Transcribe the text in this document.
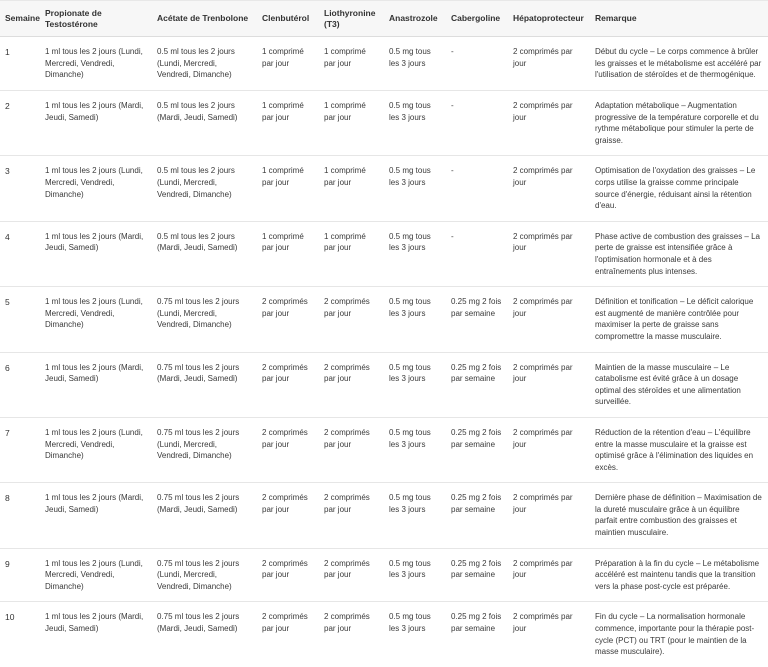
Semaine	Propionate de Testostérone	Acétate de Trenbolone	Clenbutérol	Liothyronine (T3)	Anastrozole	Cabergoline	Hépatoprotecteur	Remarque
1	1 ml tous les 2 jours (Lundi, Mercredi, Vendredi, Dimanche)	0.5 ml tous les 2 jours (Lundi, Mercredi, Vendredi, Dimanche)	1 comprimé par jour	1 comprimé par jour	0.5 mg tous les 3 jours	-	2 comprimés par jour	Début du cycle – Le corps commence à brûler les graisses et le métabolisme est accéléré par l'utilisation de stéroïdes et de thermogénique.
2	1 ml tous les 2 jours (Mardi, Jeudi, Samedi)	0.5 ml tous les 2 jours (Mardi, Jeudi, Samedi)	1 comprimé par jour	1 comprimé par jour	0.5 mg tous les 3 jours	-	2 comprimés par jour	Adaptation métabolique – Augmentation progressive de la température corporelle et du rythme métabolique pour stimuler la perte de graisse.
3	1 ml tous les 2 jours (Lundi, Mercredi, Vendredi, Dimanche)	0.5 ml tous les 2 jours (Lundi, Mercredi, Vendredi, Dimanche)	1 comprimé par jour	1 comprimé par jour	0.5 mg tous les 3 jours	-	2 comprimés par jour	Optimisation de l'oxydation des graisses – Le corps utilise la graisse comme principale source d'énergie, réduisant ainsi la rétention d'eau.
4	1 ml tous les 2 jours (Mardi, Jeudi, Samedi)	0.5 ml tous les 2 jours (Mardi, Jeudi, Samedi)	1 comprimé par jour	1 comprimé par jour	0.5 mg tous les 3 jours	-	2 comprimés par jour	Phase active de combustion des graisses – La perte de graisse est intensifiée grâce à l'optimisation hormonale et à des entraînements plus intenses.
5	1 ml tous les 2 jours (Lundi, Mercredi, Vendredi, Dimanche)	0.75 ml tous les 2 jours (Lundi, Mercredi, Vendredi, Dimanche)	2 comprimés par jour	2 comprimés par jour	0.5 mg tous les 3 jours	0.25 mg 2 fois par semaine	2 comprimés par jour	Définition et tonification – Le déficit calorique est augmenté de manière contrôlée pour maximiser la perte de graisse sans compromettre la masse musculaire.
6	1 ml tous les 2 jours (Mardi, Jeudi, Samedi)	0.75 ml tous les 2 jours (Mardi, Jeudi, Samedi)	2 comprimés par jour	2 comprimés par jour	0.5 mg tous les 3 jours	0.25 mg 2 fois par semaine	2 comprimés par jour	Maintien de la masse musculaire – Le catabolisme est évité grâce à un dosage optimal des stéroïdes et une alimentation surveillée.
7	1 ml tous les 2 jours (Lundi, Mercredi, Vendredi, Dimanche)	0.75 ml tous les 2 jours (Lundi, Mercredi, Vendredi, Dimanche)	2 comprimés par jour	2 comprimés par jour	0.5 mg tous les 3 jours	0.25 mg 2 fois par semaine	2 comprimés par jour	Réduction de la rétention d'eau – L'équilibre entre la masse musculaire et la graisse est optimisé grâce à l'élimination des liquides en excès.
8	1 ml tous les 2 jours (Mardi, Jeudi, Samedi)	0.75 ml tous les 2 jours (Mardi, Jeudi, Samedi)	2 comprimés par jour	2 comprimés par jour	0.5 mg tous les 3 jours	0.25 mg 2 fois par semaine	2 comprimés par jour	Dernière phase de définition – Maximisation de la dureté musculaire grâce à un équilibre parfait entre combustion des graisses et maintien musculaire.
9	1 ml tous les 2 jours (Lundi, Mercredi, Vendredi, Dimanche)	0.75 ml tous les 2 jours (Lundi, Mercredi, Vendredi, Dimanche)	2 comprimés par jour	2 comprimés par jour	0.5 mg tous les 3 jours	0.25 mg 2 fois par semaine	2 comprimés par jour	Préparation à la fin du cycle – Le métabolisme accéléré est maintenu tandis que la transition vers la phase post-cycle est préparée.
10	1 ml tous les 2 jours (Mardi, Jeudi, Samedi)	0.75 ml tous les 2 jours (Mardi, Jeudi, Samedi)	2 comprimés par jour	2 comprimés par jour	0.5 mg tous les 3 jours	0.25 mg 2 fois par semaine	2 comprimés par jour	Fin du cycle – La normalisation hormonale commence, importante pour la thérapie post-cycle (PCT) ou TRT (pour le maintien de la masse musculaire).
